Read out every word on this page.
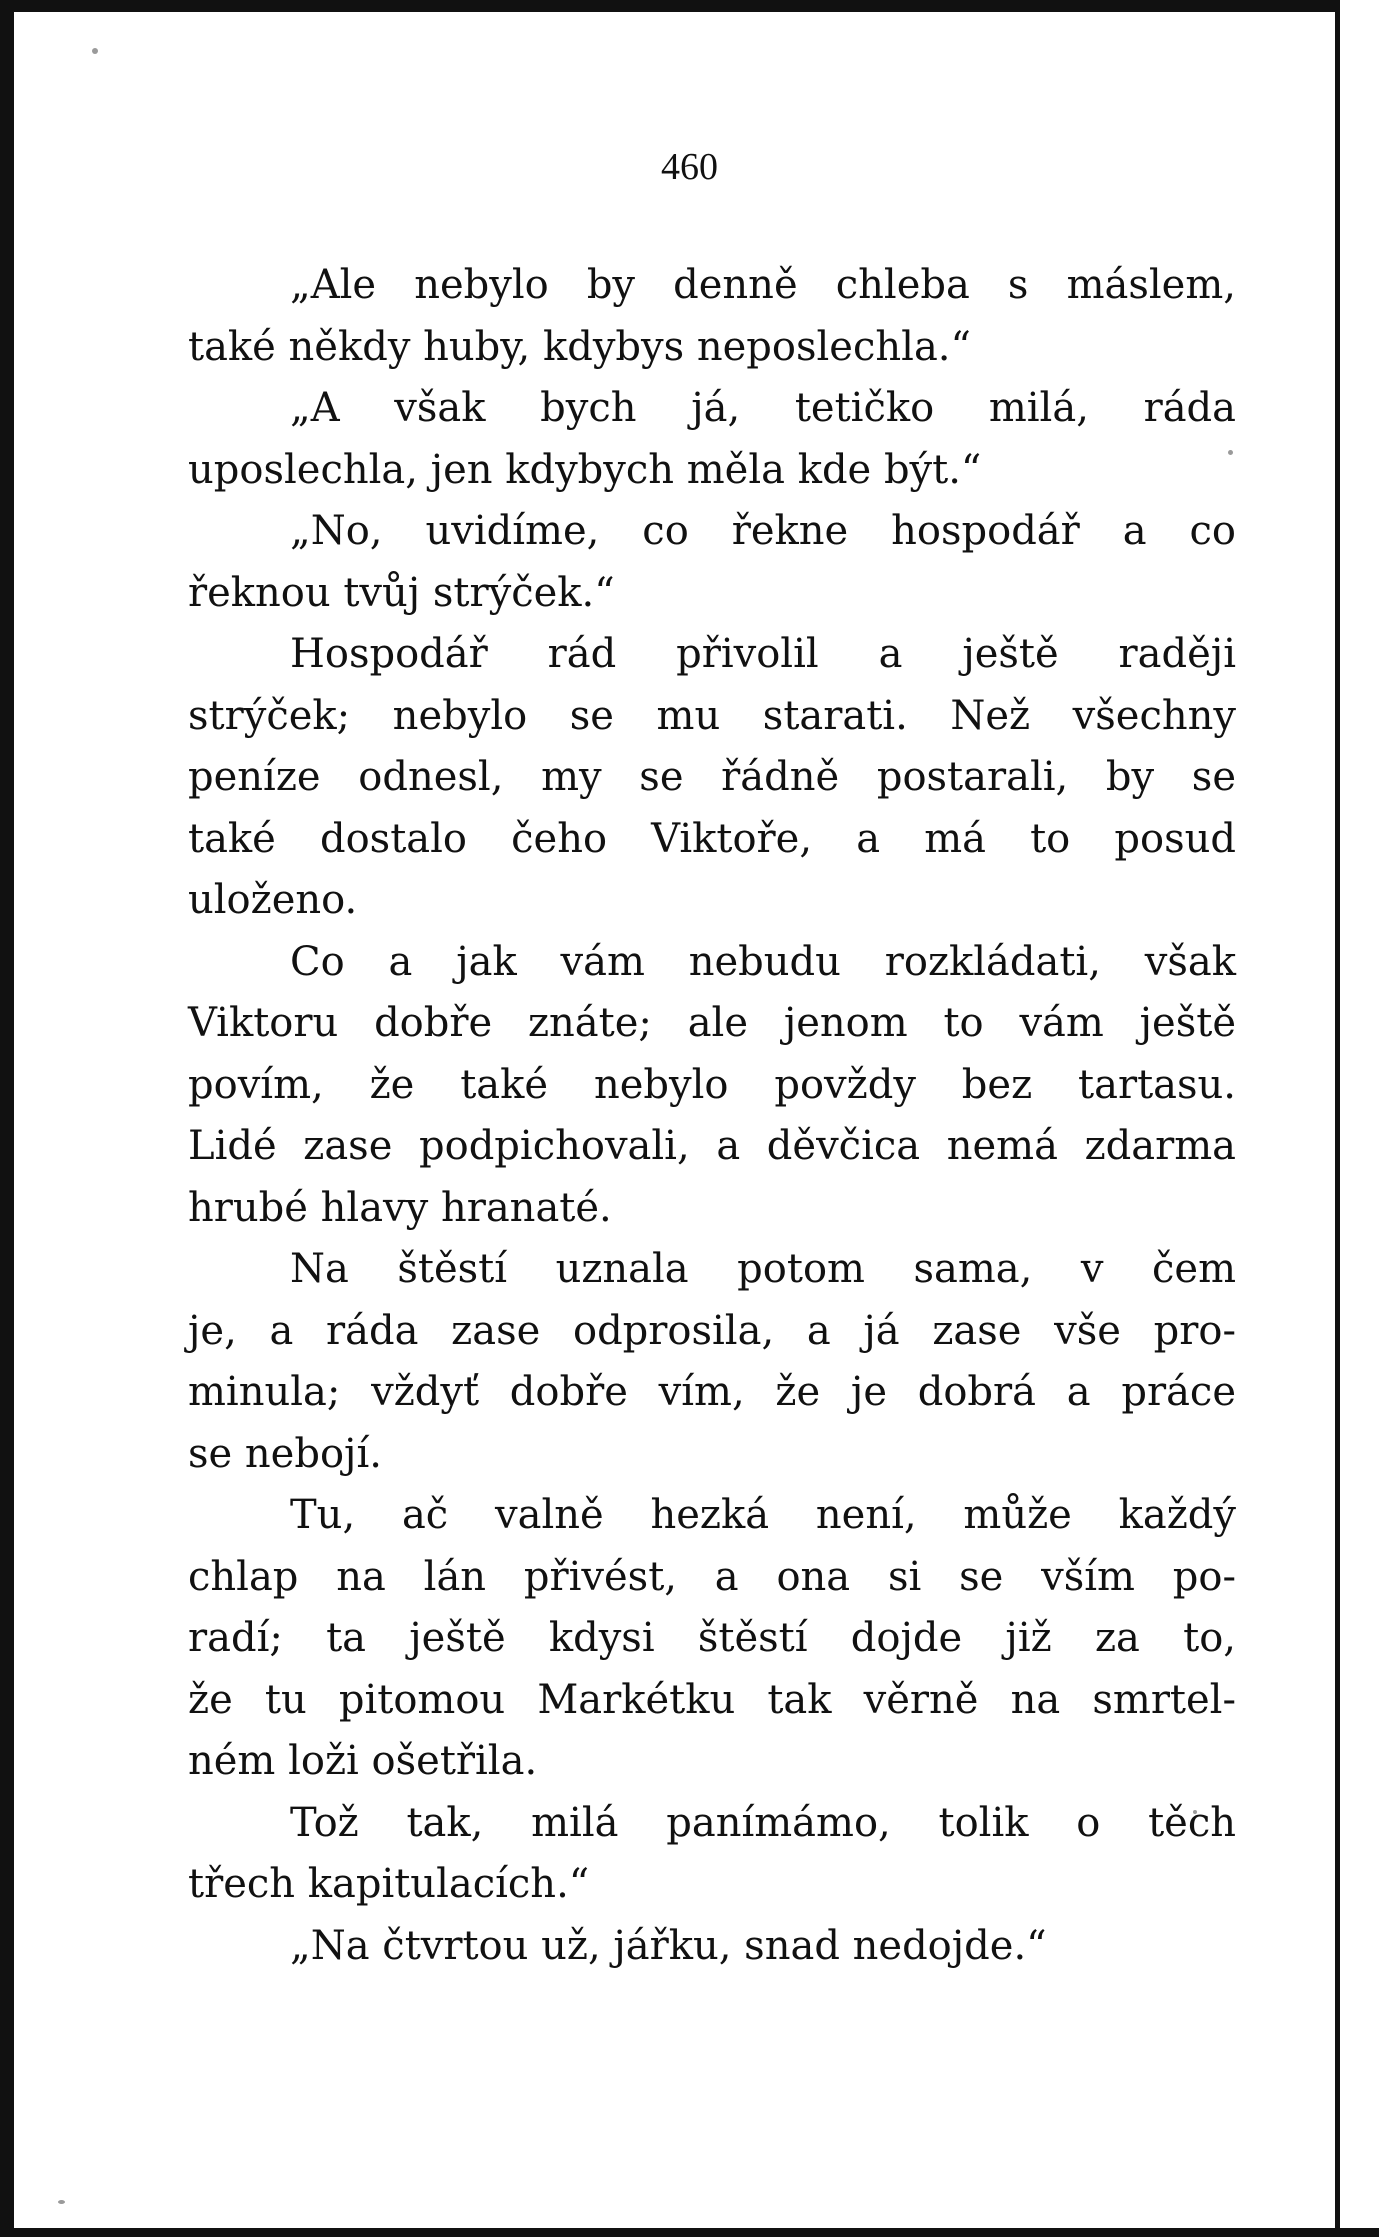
460
„Ale nebylo by denně chleba s máslem,
také někdy huby, kdybys neposlechla.“
„A však bych já, tetičko milá, ráda
uposlechla, jen kdybych měla kde být.“
„No, uvidíme, co řekne hospodář a co
řeknou tvůj strýček.“
Hospodář rád přivolil a ještě raději
strýček; nebylo se mu starati. Než všechny
peníze odnesl, my se řádně postarali, by se
také dostalo čeho Viktoře, a má to posud
uloženo.
Co a jak vám nebudu rozkládati, však
Viktoru dobře znáte; ale jenom to vám ještě
povím, že také nebylo povždy bez tartasu.
Lidé zase podpichovali, a děvčica nemá zdarma
hrubé hlavy hranaté.
Na štěstí uznala potom sama, v čem
je, a ráda zase odprosila, a já zase vše pro-
minula; vždyť dobře vím, že je dobrá a práce
se nebojí.
Tu, ač valně hezká není, může každý
chlap na lán přivést, a ona si se vším po-
radí; ta ještě kdysi štěstí dojde již za to,
že tu pitomou Markétku tak věrně na smrtel-
ném loži ošetřila.
Tož tak, milá panímámo, tolik o těch
třech kapitulacích.“
„Na čtvrtou už, jářku, snad nedojde.“
